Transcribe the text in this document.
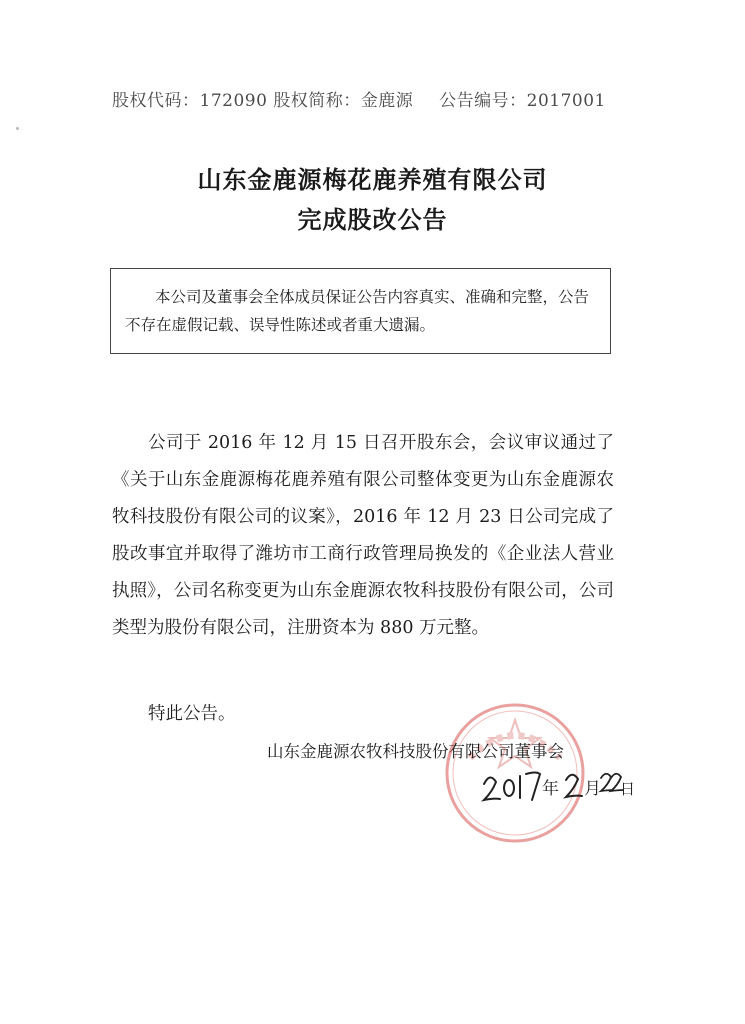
股权代码：172090 股权简称：金鹿源 公告编号：2017001
山东金鹿源梅花鹿养殖有限公司
完成股改公告

本公司及董事会全体成员保证公告内容真实、准确和完整，公告不存在虚假记载、误导性陈述或者重大遗漏。

公司于 2016 年 12 月 15 日召开股东会，会议审议通过了《关于山东金鹿源梅花鹿养殖有限公司整体变更为山东金鹿源农牧科技股份有限公司的议案》，2016 年 12 月 23 日公司完成了股改事宜并取得了潍坊市工商行政管理局换发的《企业法人营业执照》，公司名称变更为山东金鹿源农牧科技股份有限公司，公司类型为股份有限公司，注册资本为 880 万元整。

特此公告。
山东金鹿源农牧科技股份有限公司董事会
年 月 日
